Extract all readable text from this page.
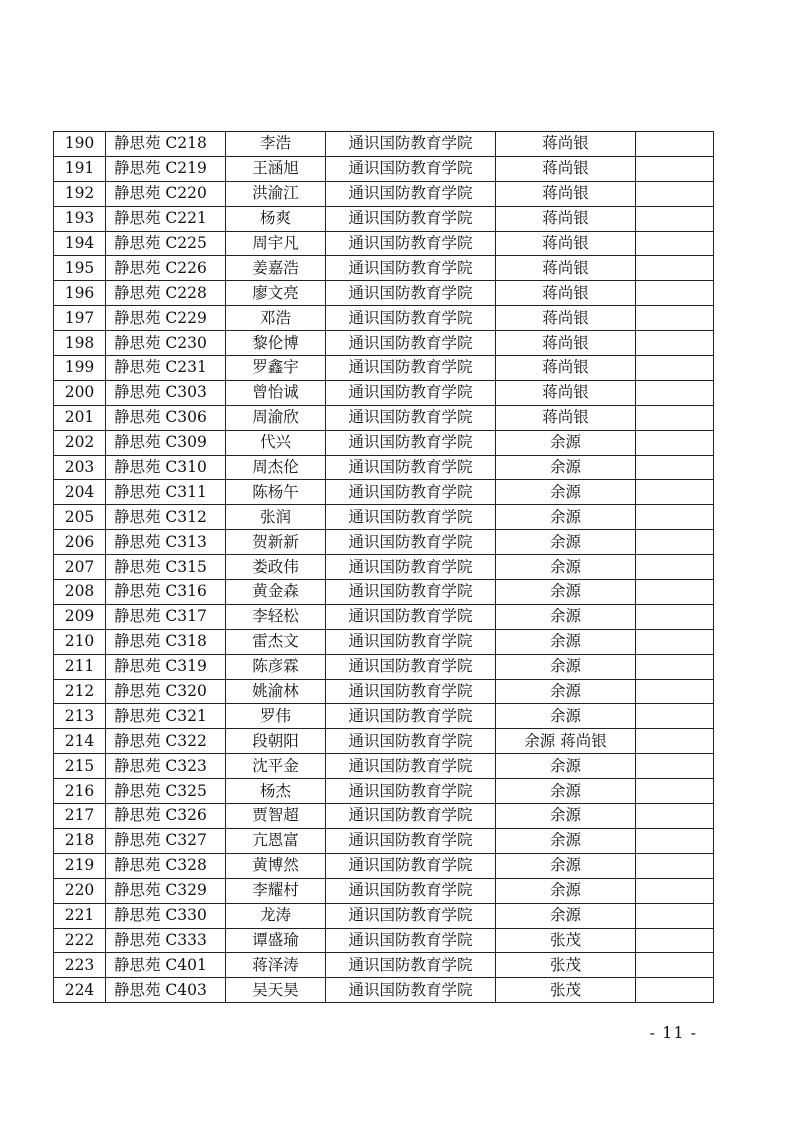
190	静思苑 C218	李浩	通识国防教育学院	蒋尚银	
191	静思苑 C219	王涵旭	通识国防教育学院	蒋尚银	
192	静思苑 C220	洪渝江	通识国防教育学院	蒋尚银	
193	静思苑 C221	杨爽	通识国防教育学院	蒋尚银	
194	静思苑 C225	周宇凡	通识国防教育学院	蒋尚银	
195	静思苑 C226	姜嘉浩	通识国防教育学院	蒋尚银	
196	静思苑 C228	廖文亮	通识国防教育学院	蒋尚银	
197	静思苑 C229	邓浩	通识国防教育学院	蒋尚银	
198	静思苑 C230	黎伦博	通识国防教育学院	蒋尚银	
199	静思苑 C231	罗鑫宇	通识国防教育学院	蒋尚银	
200	静思苑 C303	曾怡诚	通识国防教育学院	蒋尚银	
201	静思苑 C306	周渝欣	通识国防教育学院	蒋尚银	
202	静思苑 C309	代兴	通识国防教育学院	余源	
203	静思苑 C310	周杰伦	通识国防教育学院	余源	
204	静思苑 C311	陈杨午	通识国防教育学院	余源	
205	静思苑 C312	张润	通识国防教育学院	余源	
206	静思苑 C313	贺新新	通识国防教育学院	余源	
207	静思苑 C315	娄政伟	通识国防教育学院	余源	
208	静思苑 C316	黄金森	通识国防教育学院	余源	
209	静思苑 C317	李轻松	通识国防教育学院	余源	
210	静思苑 C318	雷杰文	通识国防教育学院	余源	
211	静思苑 C319	陈彦霖	通识国防教育学院	余源	
212	静思苑 C320	姚渝林	通识国防教育学院	余源	
213	静思苑 C321	罗伟	通识国防教育学院	余源	
214	静思苑 C322	段朝阳	通识国防教育学院	余源 蒋尚银	
215	静思苑 C323	沈平金	通识国防教育学院	余源	
216	静思苑 C325	杨杰	通识国防教育学院	余源	
217	静思苑 C326	贾智超	通识国防教育学院	余源	
218	静思苑 C327	亢恩富	通识国防教育学院	余源	
219	静思苑 C328	黄博然	通识国防教育学院	余源	
220	静思苑 C329	李耀村	通识国防教育学院	余源	
221	静思苑 C330	龙涛	通识国防教育学院	余源	
222	静思苑 C333	谭盛瑜	通识国防教育学院	张茂	
223	静思苑 C401	蒋泽涛	通识国防教育学院	张茂	
224	静思苑 C403	吴天昊	通识国防教育学院	张茂	
- 11 -
